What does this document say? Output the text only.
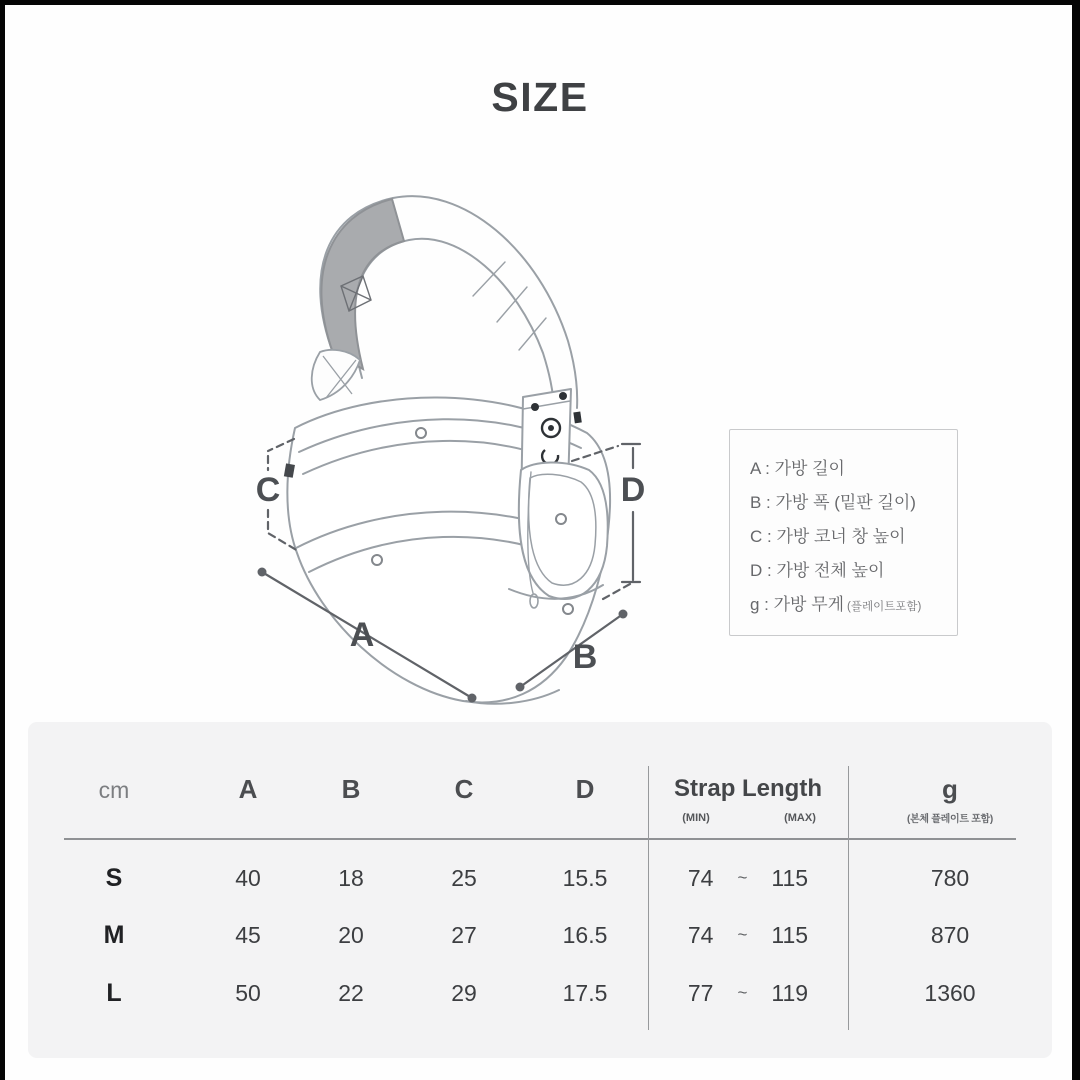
SIZE
C
A
B
D
A : 가방 길이
B : 가방 폭 (밑판 길이)
C : 가방 코너 창 높이
D : 가방 전체 높이
g : 가방 무게 (플레이트포함)
cm	A	B	C	D	Strap Length
(MIN)	(MAX)
g
(본체 플레이트 포함)
S	40	18	25	15.5	74 ~ 115	780
M	45	20	27	16.5	74 ~ 115	870
L	50	22	29	17.5	77 ~ 119	1360
